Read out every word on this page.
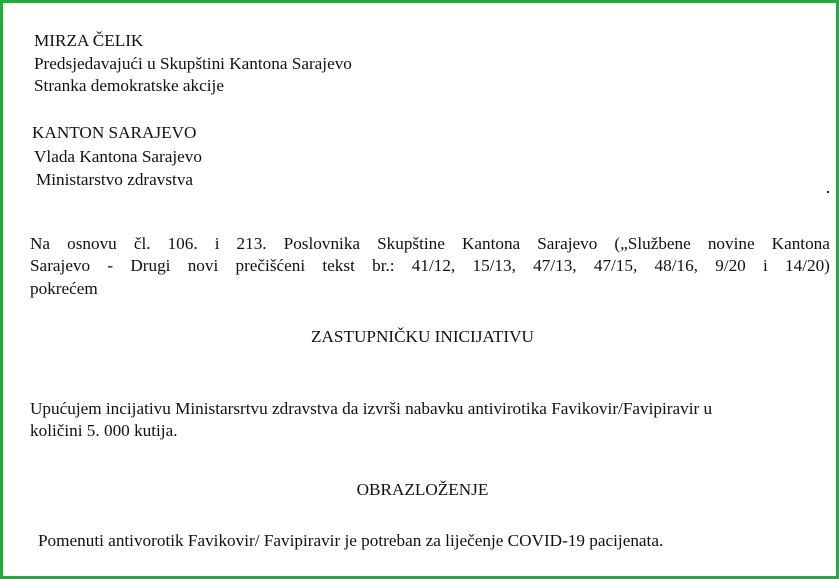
MIRZA ČELIK
Predsjedavajući u Skupštini Kantona Sarajevo
Stranka demokratske akcije
KANTON SARAJEVO
Vlada Kantona Sarajevo
Ministarstvo zdravstva
Na osnovu čl. 106. i 213. Poslovnika Skupštine Kantona Sarajevo („Službene novine Kantona
Sarajevo - Drugi novi prečišćeni tekst br.: 41/12, 15/13, 47/13, 47/15, 48/16, 9/20 i 14/20)
pokrećem
ZASTUPNIČKU INICIJATIVU
Upućujem incijativu Ministarsrtvu zdravstva da izvrši nabavku antivirotika Favikovir/Favipiravir u
količini 5. 000 kutija.
OBRAZLOŽENJE
Pomenuti antivorotik Favikovir/ Favipiravir je potreban za liječenje COVID-19 pacijenata.
